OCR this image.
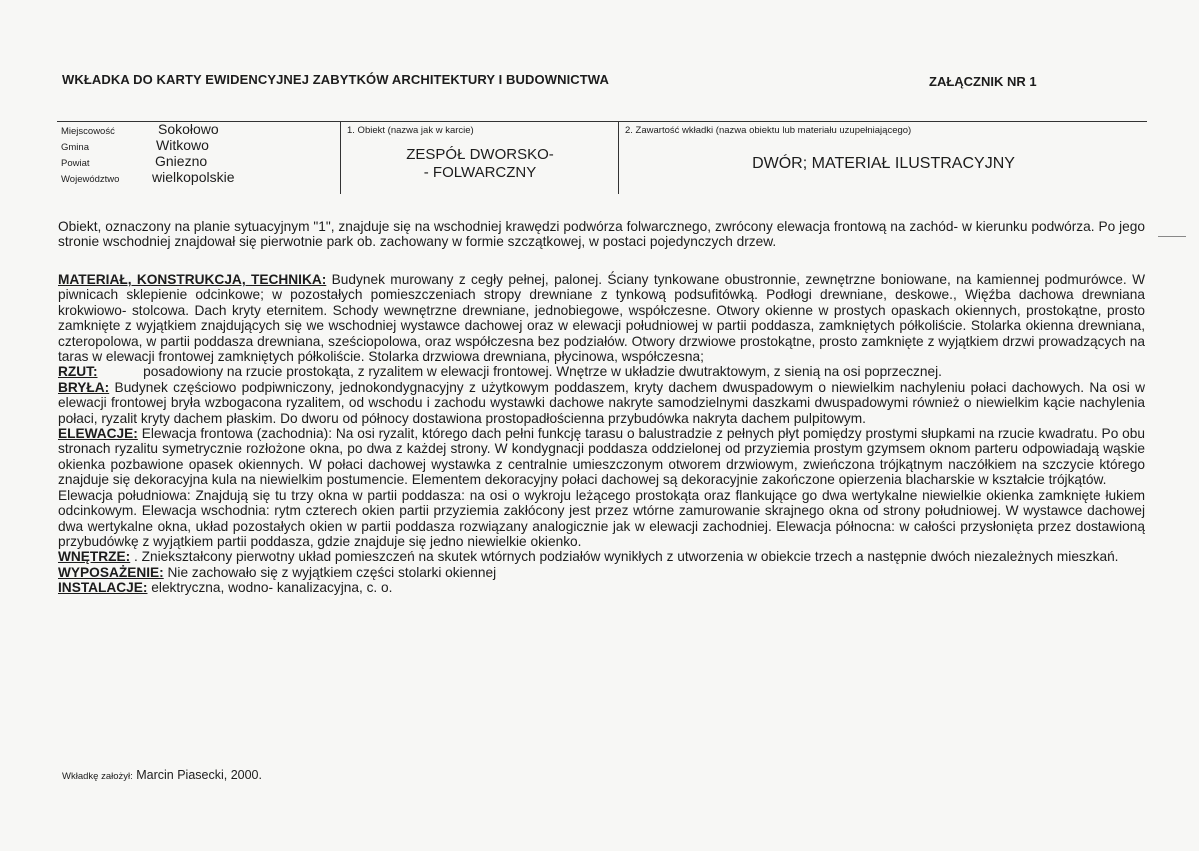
WKŁADKA DO KARTY EWIDENCYJNEJ ZABYTKÓW ARCHITEKTURY I BUDOWNICTWA	ZAŁĄCZNIK NR 1
Miejscowość	Sokołowo
Gmina	Witkowo
Powiat	Gniezno
Województwo wielkopolskie
1. Obiekt (nazwa jak w karcie)
ZESPÓŁ DWORSKO-
- FOLWARCZNY
2. Zawartość wkładki (nazwa obiektu lub materiału uzupełniającego)
DWÓR; MATERIAŁ ILUSTRACYJNY

Obiekt, oznaczony na planie sytuacyjnym "1", znajduje się na wschodniej krawędzi podwórza folwarcznego, zwrócony elewacja frontową na zachód- w kierunku podwórza. Po jego stronie wschodniej znajdował się pierwotnie park ob. zachowany w formie szczątkowej, w postaci pojedynczych drzew.

MATERIAŁ, KONSTRUKCJA, TECHNIKA: Budynek murowany z cegły pełnej, palonej. Ściany tynkowane obustronnie, zewnętrzne boniowane, na kamiennej podmurówce. W piwnicach sklepienie odcinkowe; w pozostałych pomieszczeniach stropy drewniane z tynkową podsufitówką. Podłogi drewniane, deskowe., Więźba dachowa drewniana krokwiowo- stolcowa. Dach kryty eternitem. Schody wewnętrzne drewniane, jednobiegowe, współczesne. Otwory okienne w prostych opaskach okiennych, prostokątne, prosto zamknięte z wyjątkiem znajdujących się we wschodniej wystawce dachowej oraz w elewacji południowej w partii poddasza, zamkniętych półkoliście. Stolarka okienna drewniana, czteropolowa, w partii poddasza drewniana, sześciopolowa, oraz współczesna bez podziałów. Otwory drzwiowe prostokątne, prosto zamknięte z wyjątkiem drzwi prowadzących na taras w elewacji frontowej zamkniętych półkoliście. Stolarka drzwiowa drewniana, płycinowa, współczesna;

RZUT:            posadowiony na rzucie prostokąta, z ryzalitem w elewacji frontowej. Wnętrze w układzie dwutraktowym, z sienią na osi poprzecznej.

BRYŁA: Budynek częściowo podpiwniczony, jednokondygnacyjny z użytkowym poddaszem, kryty dachem dwuspadowym o niewielkim nachyleniu połaci dachowych. Na osi w elewacji frontowej bryła wzbogacona ryzalitem, od wschodu i zachodu wystawki dachowe nakryte samodzielnymi daszkami dwuspadowymi również o niewielkim kącie nachylenia połaci, ryzalit kryty dachem płaskim. Do dworu od północy dostawiona prostopadłościenna przybudówka nakryta dachem pulpitowym.

ELEWACJE: Elewacja frontowa (zachodnia): Na osi ryzalit, którego dach pełni funkcję tarasu o balustradzie z pełnych płyt pomiędzy prostymi słupkami na rzucie kwadratu. Po obu stronach ryzalitu symetrycznie rozłożone okna, po dwa z każdej strony. W kondygnacji poddasza oddzielonej od przyziemia prostym gzymsem oknom parteru odpowiadają wąskie okienka pozbawione opasek okiennych. W połaci dachowej wystawka z centralnie umieszczonym otworem drzwiowym, zwieńczona trójkątnym naczółkiem na szczycie którego znajduje się dekoracyjna kula na niewielkim postumencie. Elementem dekoracyjny połaci dachowej są dekoracyjnie zakończone opierzenia blacharskie w kształcie trójkątów.

Elewacja południowa: Znajdują się tu trzy okna w partii poddasza: na osi o wykroju leżącego prostokąta oraz flankujące go dwa wertykalne niewielkie okienka zamknięte łukiem odcinkowym. Elewacja wschodnia: rytm czterech okien partii przyziemia zakłócony jest przez wtórne zamurowanie skrajnego okna od strony południowej. W wystawce dachowej dwa wertykalne okna, układ pozostałych okien w partii poddasza rozwiązany analogicznie jak w elewacji zachodniej. Elewacja północna: w całości przysłonięta przez dostawioną przybudówkę z wyjątkiem partii poddasza, gdzie znajduje się jedno niewielkie okienko.

WNĘTRZE: . Zniekształcony pierwotny układ pomieszczeń na skutek wtórnych podziałów wynikłych z utworzenia w obiekcie trzech a następnie dwóch niezależnych mieszkań.

WYPOSAŻENIE: Nie zachowało się z wyjątkiem części stolarki okiennej

INSTALACJE: elektryczna, wodno- kanalizacyjna, c. o.

Wkładkę założył: Marcin Piasecki, 2000.
